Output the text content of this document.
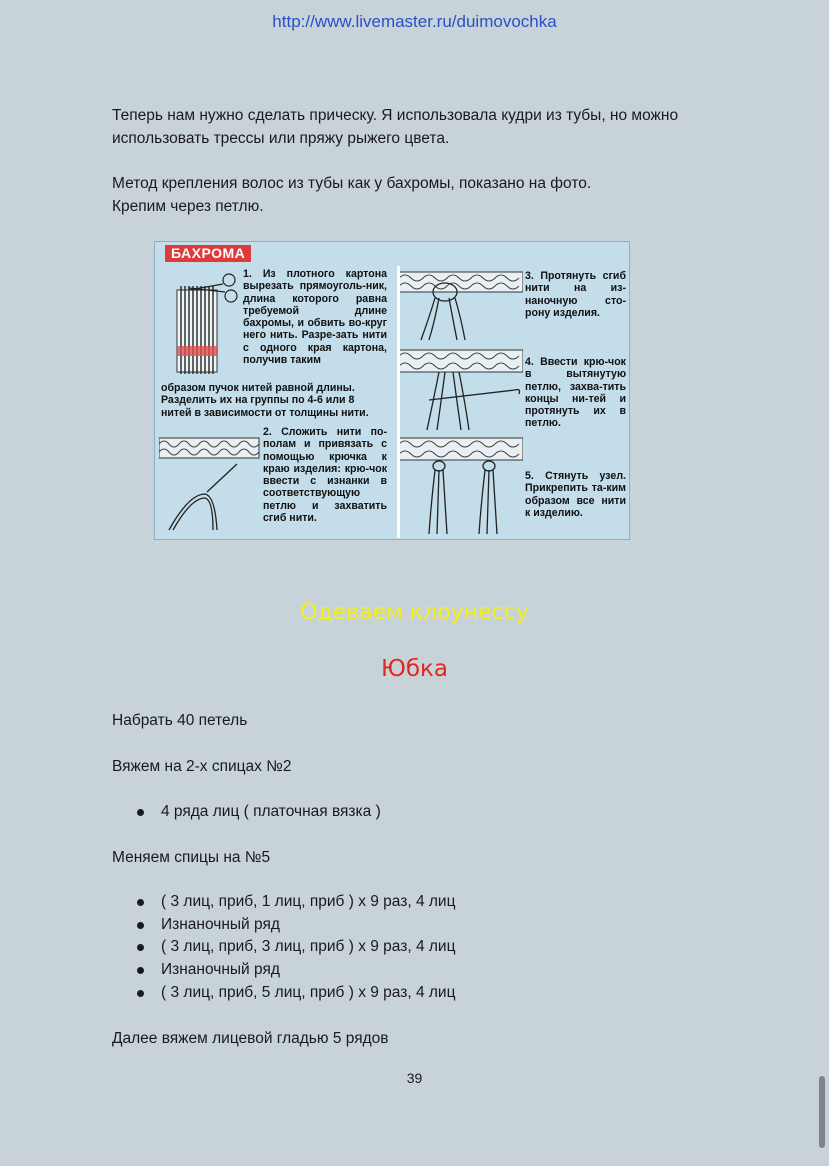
http://www.livemaster.ru/duimovochka

Теперь нам нужно сделать прическу. Я использовала кудри из тубы, но можно использовать трессы или пряжу рыжего цвета.

Метод крепления волос из тубы как у бахромы, показано на фото.
Крепим через петлю.
БАХРОМА

1. Из плотного картона вырезать прямоуголь-ник, длина которого равна требуемой длине бахромы, и обвить во-круг него нить. Разре-зать нити с одного края картона, получив таким

образом пучок нитей равной длины. Разделить их на группы по 4-6 или 8 нитей в зависимости от толщины нити.

2. Сложить нити по-полам и привязать с помощью крючка к краю изделия: крю-чок ввести с изнанки в соответствующую петлю и захватить сгиб нити.

3. Протянуть сгиб нити на из-наночную сто-рону изделия.

4. Ввести крю-чок в вытянутую петлю, захва-тить концы ни-тей и протянуть их в петлю.

5. Стянуть узел. Прикрепить та-ким образом все нити к изделию.

Одеваем клоунессу
Юбка

Набрать 40 петель

Вяжем на 2-х спицах №2

4 ряда лиц ( платочная вязка )

Меняем спицы на №5

( 3 лиц, приб, 1 лиц, приб ) х 9 раз, 4 лиц
Изнаночный ряд
( 3 лиц, приб, 3 лиц, приб ) х 9 раз, 4 лиц
Изнаночный ряд
( 3 лиц, приб, 5 лиц, приб ) х 9 раз, 4 лиц

Далее вяжем лицевой гладью 5 рядов

39
